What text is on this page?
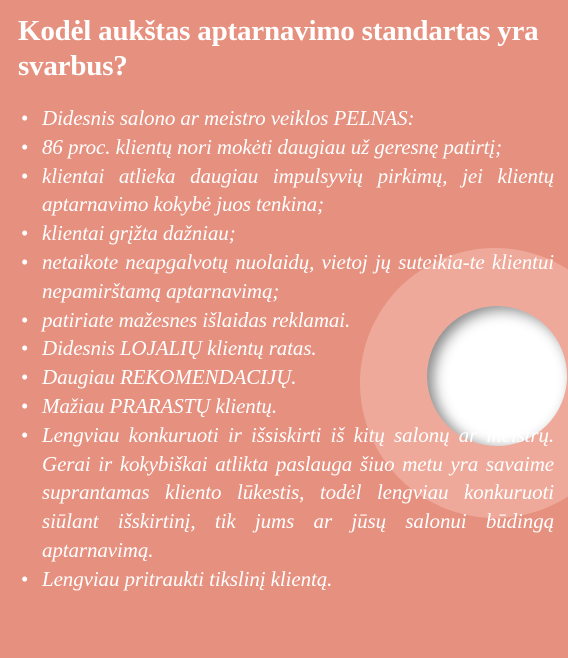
Kodėl aukštas aptarnavimo standartas yra svarbus?
• Didesnis salono ar meistro veiklos PELNAS:
• 86 proc. klientų nori mokėti daugiau už geresnę patirtį;
• klientai atlieka daugiau impulsyvių pirkimų, jei klientų aptarnavimo kokybė juos tenkina;
• klientai grįžta dažniau;
• netaikote neapgalvotų nuolaidų, vietoj jų suteikia-te klientui nepamirštamą aptarnavimą;
• patiriate mažesnes išlaidas reklamai.
• Didesnis LOJALIŲ klientų ratas.
• Daugiau REKOMENDACIJŲ.
• Mažiau PRARASTŲ klientų.
• Lengviau konkuruoti ir išsiskirti iš kitų salonų ar meistrų. Gerai ir kokybiškai atlikta paslauga šiuo metu yra savaime suprantamas kliento lūkestis, todėl lengviau konkuruoti siūlant išskirtinį, tik jums ar jūsų salonui būdingą aptarnavimą.
• Lengviau pritraukti tikslinį klientą.
